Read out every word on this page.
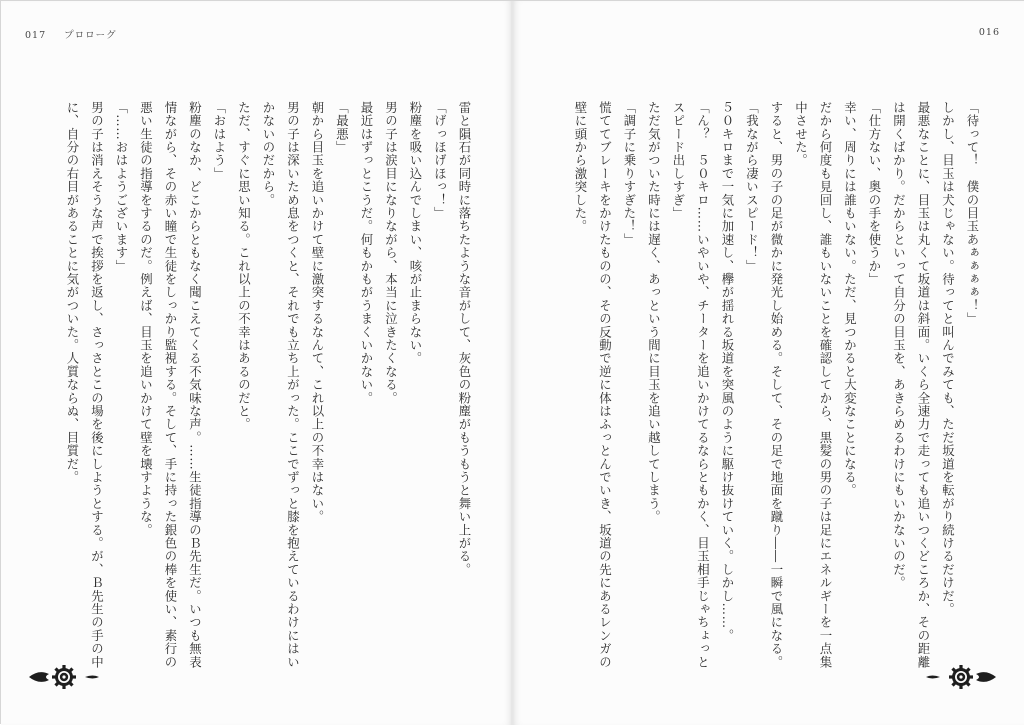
017 プロローグ

雷と隕石が同時に落ちたような音がして、灰色の粉塵がもうもうと舞い上がる。

「げっほげほっ！」

粉塵を吸い込んでしまい、咳が止まらない。

男の子は涙目になりながら、本当に泣きたくなる。

最近はずっとこうだ。何もかもがうまくいかない。

「最悪」

朝から目玉を追いかけて壁に激突するなんて、これ以上の不幸はない。

男の子は深いため息をつくと、それでも立ち上がった。ここでずっと膝を抱えているわけにはいかないのだから。

ただ、すぐに思い知る。これ以上の不幸はあるのだと。

「おはよう」

粉塵のなか、どこからともなく聞こえてくる不気味な声。……生徒指導のＢ先生だ。いつも無表情ながら、その赤い瞳で生徒をしっかり監視する。そして、手に持った銀色の棒を使い、素行の悪い生徒の指導をするのだ。例えば、目玉を追いかけて壁を壊すような。

「……おはようございます」

男の子は消えそうな声で挨拶を返し、さっさとこの場を後にしようとする。が、Ｂ先生の手の中に、自分の右目があることに気がついた。人質ならぬ、目質だ。

016

「待って！　僕の目玉あぁぁぁぁ！」

しかし、目玉は犬じゃない。待ってと叫んでみても、ただ坂道を転がり続けるだけだ。

最悪なことに、目玉は丸くて坂道は斜面。いくら全速力で走っても追いつくどころか、その距離は開くばかり。だからといって自分の目玉を、あきらめるわけにもいかないのだ。

「仕方ない、奥の手を使うか」

幸い、周りには誰もいない。ただ、見つかると大変なことになる。

だから何度も見回し、誰もいないことを確認してから、黒髪の男の子は足にエネルギーを一点集中させた。

すると、男の子の足が微かに発光し始める。そして、その足で地面を蹴り――一瞬で風になる。

「我ながら凄いスピード！」

５０キロまで一気に加速し、欅が揺れる坂道を突風のように駆け抜けていく。しかし……。

「ん？　５０キロ……いやいや、チーターを追いかけてるならともかく、目玉相手じゃちょっとスピード出しすぎ」

ただ気がついた時には遅く、あっという間に目玉を追い越してしまう。

「調子に乗りすぎた！」

慌ててブレーキをかけたものの、その反動で逆に体はふっとんでいき、坂道の先にあるレンガの壁に頭から激突した。
